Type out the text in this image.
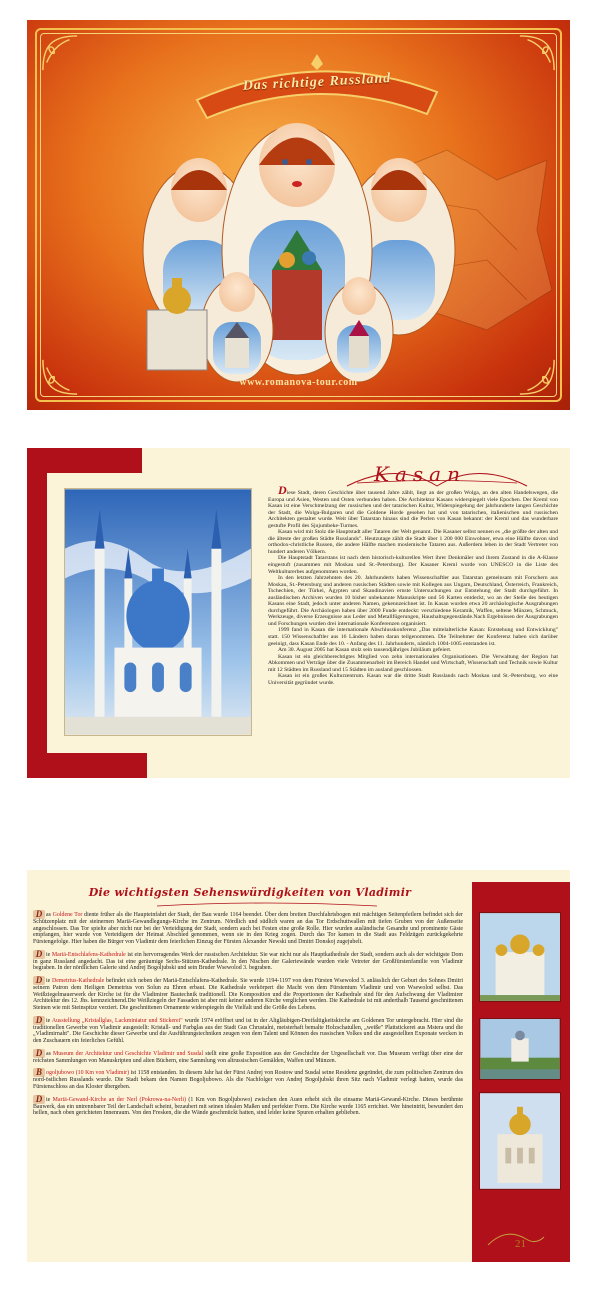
Das richtige Russland
www.romanova-tour.com
Kasan

Diese Stadt, deren Geschichte über tausend Jahre zählt, liegt an der großen Wolga, an den alten Handelswegen, die Europa und Asien, Westen und Osten verbunden haben. Die Architektur Kasans widerspiegelt viele Epochen. Der Kreml von Kasan ist eine Verschmelzung der russischen und der tatarischen Kultur, Widerspiegelung der jahrhunderte langen Geschichte der Stadt, die Wolga-Bulgaren und die Goldene Horde gesehen hat und von tatarischen, italienischen und russischen Architekten gestaltet wurde. Weit über Tatarstan hinaus sind die Perlen von Kasan bekannt: der Kreml und das wunderbare gestufte Profil des Sjujumbeke-Turmes.

Kasan wird mit Stolz die Hauptstadt aller Tataren der Welt genannt. Die Kasaner selbst nennen es „die größte der alten und die älteste der großen Städte Russlands". Heutzutage zählt die Stadt über 1 200 000 Einwohner, etwa eine Hälfte davon sind orthodox-christliche Russen, die andere Hälfte machen moslemische Tataren aus. Außerdem leben in der Stadt Vertreter von hundert anderen Völkern.

Die Hauptstadt Tatarstans ist nach dem historisch-kulturellen Wert ihrer Denkmäler und ihrem Zustand in die A-Klasse eingestuft (zusammen mit Moskau und St.-Petersburg). Der Kasaner Kreml wurde von UNESCO in die Liste des Weltkulturerbes aufgenommen worden.

In den letzten Jahrzehnten des 20. Jahrhunderts haben Wissenschaftler aus Tatarstan gemeinsam mit Forschern aus Moskau, St.-Petersburg und anderen russischen Städten sowie mit Kollegen aus Ungarn, Deutschland, Österreich, Frankreich, Tschechien, der Türkei, Ägypten und Skandinavien ernste Untersuchungen zur Entstehung der Stadt durchgeführt. In ausländischen Archiven wurden 10 bisher unbekannte Manuskripte und 56 Karten entdeckt, wo an der Stelle des heutigen Kasans eine Stadt, jedoch unter anderen Namen, gekennzeichnet ist. In Kasan wurden etwa 20 archäologische Ausgrabungen durchgeführt. Die Archäologen haben über 2000 Funde entdeckt: verschiedene Keramik, Waffen, seltene Münzen, Schmuck, Werkzeuge, diverse Erzeugnisse aus Leder und Metallfügerungen, Haushaltsgegenstände.Nach Ergebnissen der Ausgrabungen und Forschungen wurden drei internationale Konferenzen organisiert.

1999 fand in Kasan die internationale Abschlusskonferenz „Das mittelalterliche Kasan: Entstehung und Entwicklung" statt. 150 Wissenschaftler aus 16 Ländern haben daran teilgenommen. Die Teilnehmer der Konferenz haben sich darüber geeinigt, dass Kasan Ende des 10. - Anfang des 11. Jahrhunderts, nämlich 1004-1005 entstanden ist.

Am 30. August 2005 hat Kasan stolz sein tausendjähriges Jubiläum gefeiert.

Kasan ist ein gleichberechtigtes Mitglied von zehn internationalen Organisationen. Die Verwaltung der Region hat Abkommen und Verträge über die Zusammenarbeit im Bereich Handel und Wirtschaft, Wissenschaft und Technik sowie Kultur mit 12 Städten im Russland und 15 Städten im ausland geschlossen.

Kasan ist ein großes Kulturzentrum. Kasan war die dritte Stadt Russlands nach Moskau und St.-Petersburg, wo eine Universität gegründet wurde.

Die wichtigsten Sehenswürdigkeiten von Vladimir

D as Goldene Tor diente früher als die Haupteinfahrt der Stadt, der Bau wurde 1164 beendet. Über dem breiten Durchfahrtsbogen mit mächtigen Seitenpfeilern befindet sich der Schützenplatz mit der steinernen Mariä-Gewandlegungs-Kirche im Zentrum. Nördlich und südlich waren an das Tor Erdschuttwallen mit tiefen Gruben von der Außenseite angeschlossen. Das Tor spielte aber nicht nur bei der Verteidigung der Stadt, sondern auch bei Festen eine große Rolle. Hier wurden ausländische Gesandte und prominente Gäste empfangen, hier wurde von Verteidigern der Heimat Abschied genommen, wenn sie in den Krieg zogen. Durch das Tor kamen in die Stadt aus Feldzügen zurückgekehrte Fürstengefolge. Hier haben die Bürger von Vladimir dem feierlichen Einzug der Fürsten Alexander Newski und Dmitri Donskoj zugejubelt.

D ie Mariä-Entschlafens-Kathedrale ist ein hervorragendes Werk der russischen Architektur. Sie war nicht nur als Hauptkathedrale der Stadt, sondern auch als der wichtigste Dom in ganz Russland angedacht. Das ist eine geräumige Sechs-Stützen-Kathedrale. In den Nischen der Galeriewände wurden viele Vetreter der Großfürstenfamilie von Vladimir begraben. In der nördlichen Galerie sind Andrej Bogoljubski und sein Bruder Wsewolod 3. begraben.

D ie Demetrius-Kathedrale befindet sich neben der Mariä-Entschlafens-Kathedrale. Sie wurde 1194-1197 von dem Fürsten Wsewolod 3. anlässlich der Geburt des Sohnes Dmitri seinem Patron dem Heiligen Demetrius von Solun zu Ehren erbaut. Die Kathedrale verkörpert die Macht von dem Fürstentum Vladimir und von Wsewolod selbst. Das Weißziegelmauerwerk der Kirche ist für die Vladimirer Bautechnik traditionell. Die Komposition und die Proportionen der Kathedrale sind für den Aufschwung der Vladimirer Architektur des 12. Jhs. kennzeichnend.Die Weißziegeln der Fassaden ist aber mit keiner anderen Kirche verglichen werden. Die Kathedrale ist mit anderthalb Tausend geschnittenen Steinen wie mit Steinspitze verziert. Die geschnittenen Ornamente widerspiegeln die Vielfalt und die Größe des Lebens.

D ie Ausstellung „Kristallglas, Lackminiatur und Stickerei" wurde 1974 eröffnet und ist in der Altgläubigen-Dreifaltigkeitskirche am Goldenen Tor untergebracht. Hier sind die traditionellen Gewerbe von Vladimir ausgestellt: Kristall- und Farbglas aus der Stadt Gus Chrustalni, meisterhaft bemalte Holzschatullen, „weiße" Plattstickerei aus Mstera und die „Vladimirnaht". Die Geschichte dieser Gewerbe und die Ausführungstechniken zeugen von dem Talent und Können des russischen Volkes und die ausgestellten Exponate wecken in den Zuschauern ein feierliches Gefühl.

D as Museum der Architektur und Geschichte Vladimir und Susdal stellt eine große Exposition aus der Geschichte der Urgesellschaft vor. Das Museum verfügt über eine der reichsten Sammlungen von Manuskripten und alten Büchern, eine Sammlung von altrussischen Gemälden, Waffen und Münzen.

B ogoljubowo (10 Km von Vladimir) ist 1158 entstanden. In diesem Jahr hat der Fürst Andrej von Rostow und Susdal seine Residenz gegründet, die zum politischen Zentrum des nord-östlichen Russlands wurde. Die Stadt bekam den Namen Bogoljubowo. Als die Nachfolger von Andrej Bogoljubski ihren Sitz nach Vladimir verlegt hatten, wurde das Fürstenschloss an das Kloster übergeben.

D ie Mariä-Gewand-Kirche an der Nerl (Pokrowa-na-Nerli) (1 Km von Bogoljubowo) zwischen den Auen erhebt sich die einsame Mariä-Gewand-Kirche. Dieses berühmte Bauwerk, das ein untrennbarer Teil der Landschaft scheint, bezaubert mit seinen idealen Maßen und perfekter Form. Die Kirche wurde 1165 errichtet. Wer hineintritt, bewundert den hellen, nach oben gerichteten Innenraum. Von den Fresken, die die Wände geschmückt hatten, sind leider keine Spuren erhalten geblieben.

21
